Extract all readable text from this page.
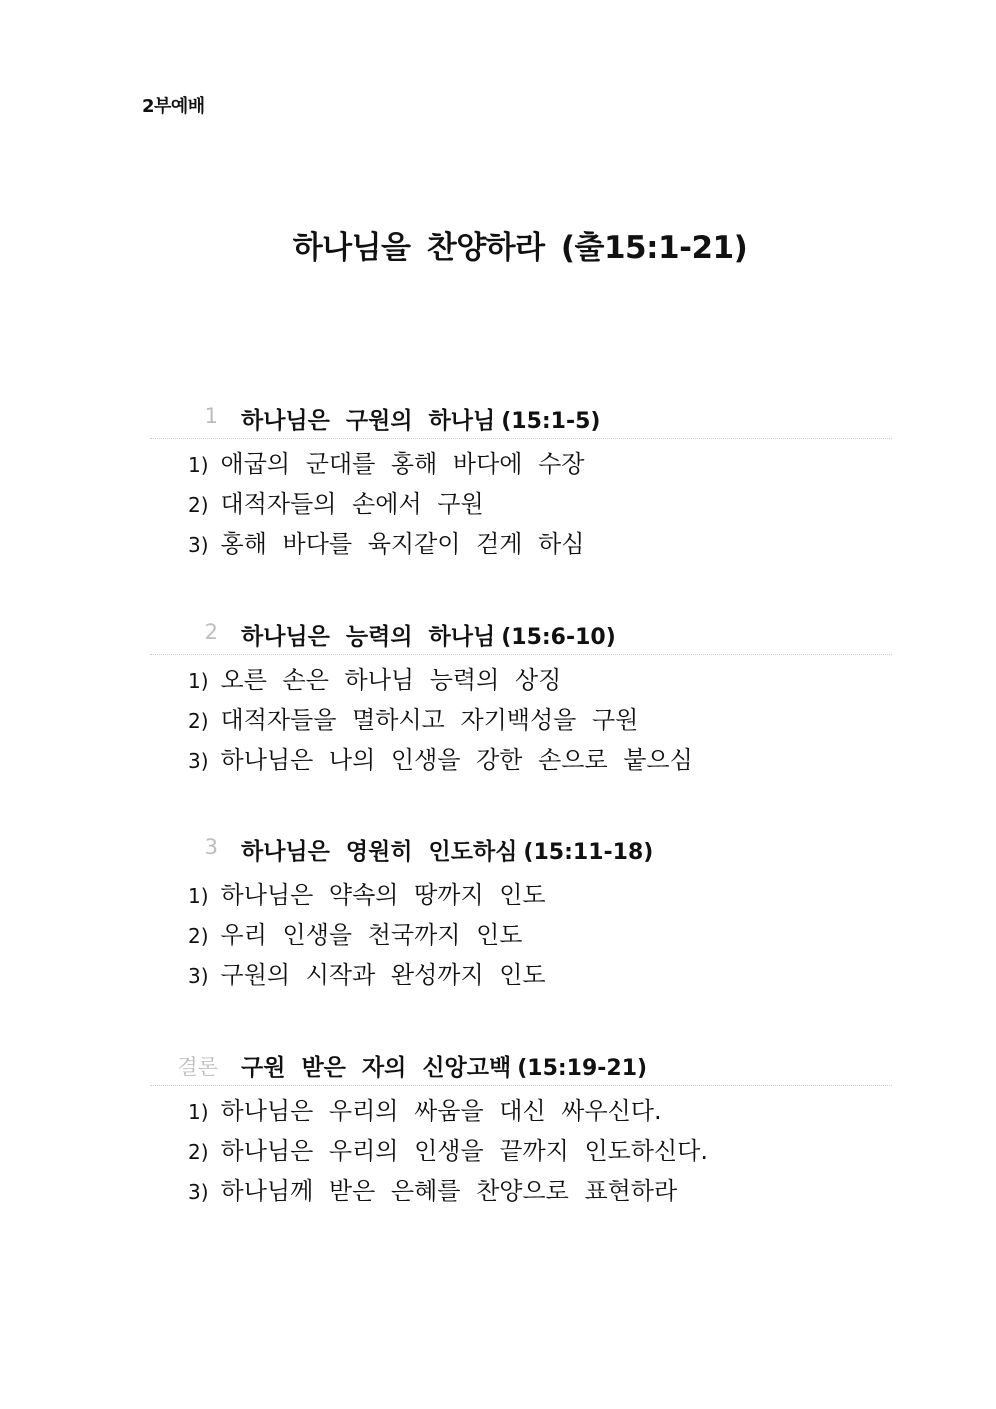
2부예배
하나님을 찬양하라 (출15:1-21)
1 하나님은 구원의 하나님 (15:1-5)
1) 애굽의 군대를 홍해 바다에 수장
2) 대적자들의 손에서 구원
3) 홍해 바다를 육지같이 걷게 하심
2 하나님은 능력의 하나님 (15:6-10)
1) 오른 손은 하나님 능력의 상징
2) 대적자들을 멸하시고 자기백성을 구원
3) 하나님은 나의 인생을 강한 손으로 붙으심
3 하나님은 영원히 인도하심 (15:11-18)
1) 하나님은 약속의 땅까지 인도
2) 우리 인생을 천국까지 인도
3) 구원의 시작과 완성까지 인도
결론 구원 받은 자의 신앙고백 (15:19-21)
1) 하나님은 우리의 싸움을 대신 싸우신다.
2) 하나님은 우리의 인생을 끝까지 인도하신다.
3) 하나님께 받은 은혜를 찬양으로 표현하라
